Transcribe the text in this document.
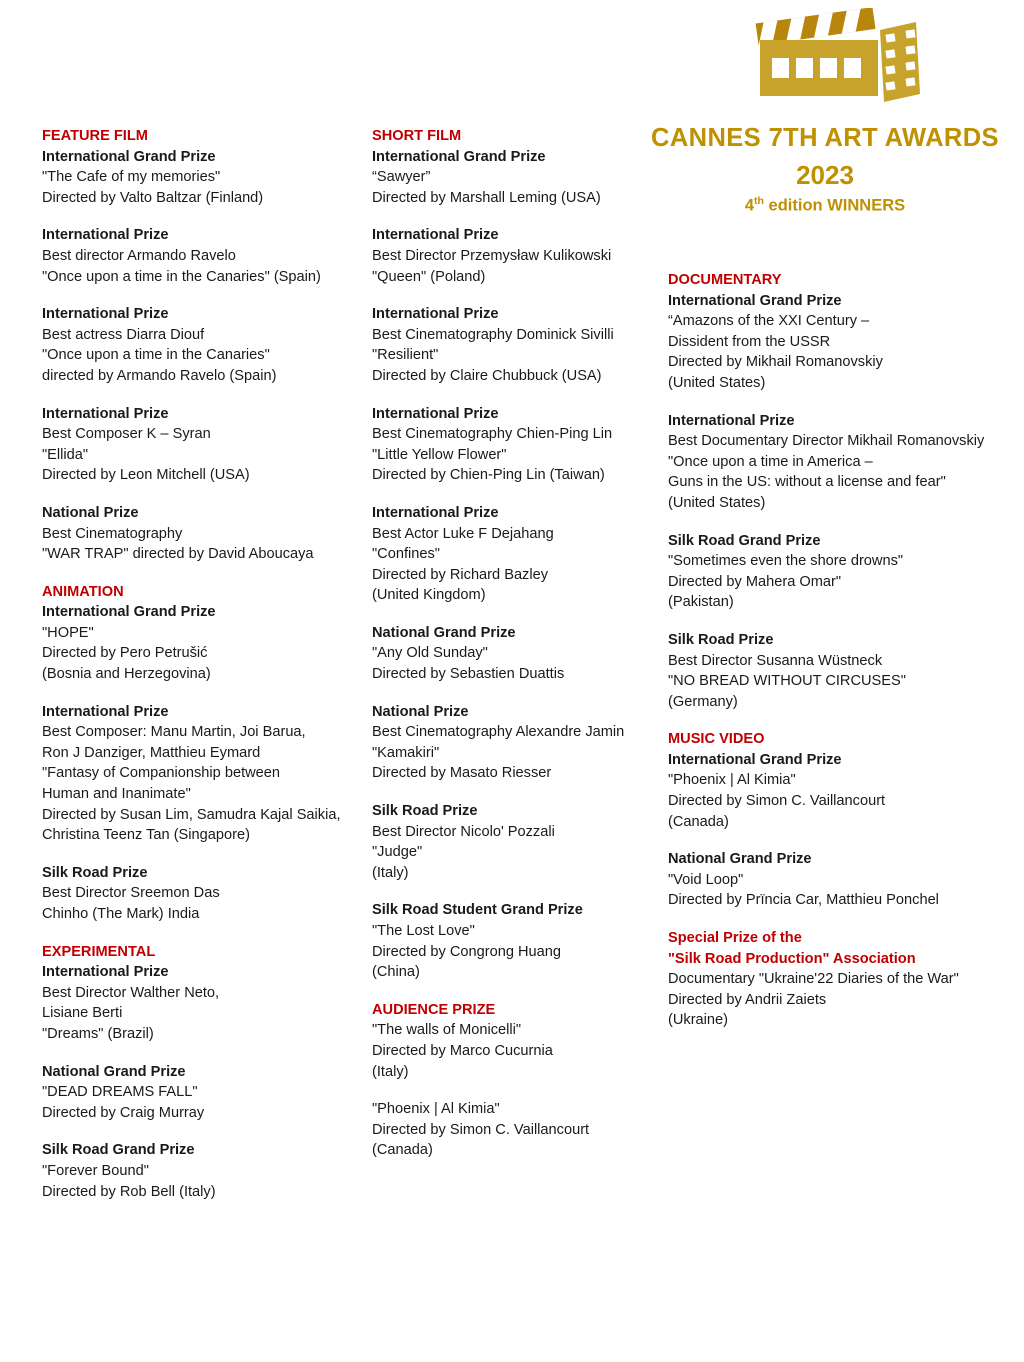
CANNES 7TH ART AWARDS
2023
4th edition WINNERS
FEATURE FILM
International Grand Prize
"The Cafe of my memories"
Directed by Valto Baltzar (Finland)
International Prize
Best director Armando Ravelo
"Once upon a time in the Canaries" (Spain)
International Prize
Best actress Diarra Diouf
"Once upon a time in the Canaries"
directed by Armando Ravelo (Spain)
International Prize
Best Composer K – Syran
"Ellida"
Directed by Leon Mitchell (USA)
National Prize
Best Cinematography
"WAR TRAP" directed by David Aboucaya
ANIMATION
International Grand Prize
"HOPE"
Directed by Pero Petrušić
(Bosnia and Herzegovina)
International Prize
Best Composer: Manu Martin, Joi Barua,
Ron J Danziger, Matthieu Eymard
"Fantasy of Companionship between
Human and Inanimate"
Directed by Susan Lim, Samudra Kajal Saikia,
Christina Teenz Tan (Singapore)
Silk Road Prize
Best Director Sreemon Das
Chinho (The Mark) India
EXPERIMENTAL
International Prize
Best Director Walther Neto,
Lisiane Berti
"Dreams" (Brazil)
National Grand Prize
"DEAD DREAMS FALL"
Directed by Craig Murray
Silk Road Grand Prize
"Forever Bound"
Directed by Rob Bell (Italy)
SHORT FILM
International Grand Prize
“Sawyer”
Directed by Marshall Leming (USA)
International Prize
Best Director Przemysław Kulikowski
"Queen" (Poland)
International Prize
Best Cinematography Dominick Sivilli
"Resilient"
Directed by Claire Chubbuck (USA)
International Prize
Best Cinematography Chien-Ping Lin
"Little Yellow Flower"
Directed by Chien-Ping Lin (Taiwan)
International Prize
Best Actor Luke F Dejahang
"Confines"
Directed by Richard Bazley
(United Kingdom)
National Grand Prize
"Any Old Sunday"
Directed by Sebastien Duattis
National Prize
Best Cinematography Alexandre Jamin
"Kamakiri"
Directed by Masato Riesser
Silk Road Prize
Best Director Nicolo' Pozzali
"Judge"
(Italy)
Silk Road Student Grand Prize
"The Lost Love"
Directed by Congrong Huang
(China)
AUDIENCE PRIZE
"The walls of Monicelli"
Directed by Marco Cucurnia
(Italy)
"Phoenix | Al Kimia"
Directed by Simon C. Vaillancourt
(Canada)
DOCUMENTARY
International Grand Prize
“Amazons of the XXI Century –
Dissident from the USSR
Directed by Mikhail Romanovskiy
(United States)
International Prize
Best Documentary Director Mikhail Romanovskiy
"Once upon a time in America –
Guns in the US: without a license and fear"
(United States)
Silk Road Grand Prize
"Sometimes even the shore drowns"
Directed by Mahera Omar"
(Pakistan)
Silk Road Prize
Best Director Susanna Wüstneck
"NO BREAD WITHOUT CIRCUSES"
(Germany)
MUSIC VIDEO
International Grand Prize
"Phoenix | Al Kimia"
Directed by Simon C. Vaillancourt
(Canada)
National Grand Prize
"Void Loop"
Directed by Prïncia Car, Matthieu Ponchel
Special Prize of the
"Silk Road Production" Association
Documentary "Ukraine'22 Diaries of the War"
Directed by Andrii Zaiets
(Ukraine)
